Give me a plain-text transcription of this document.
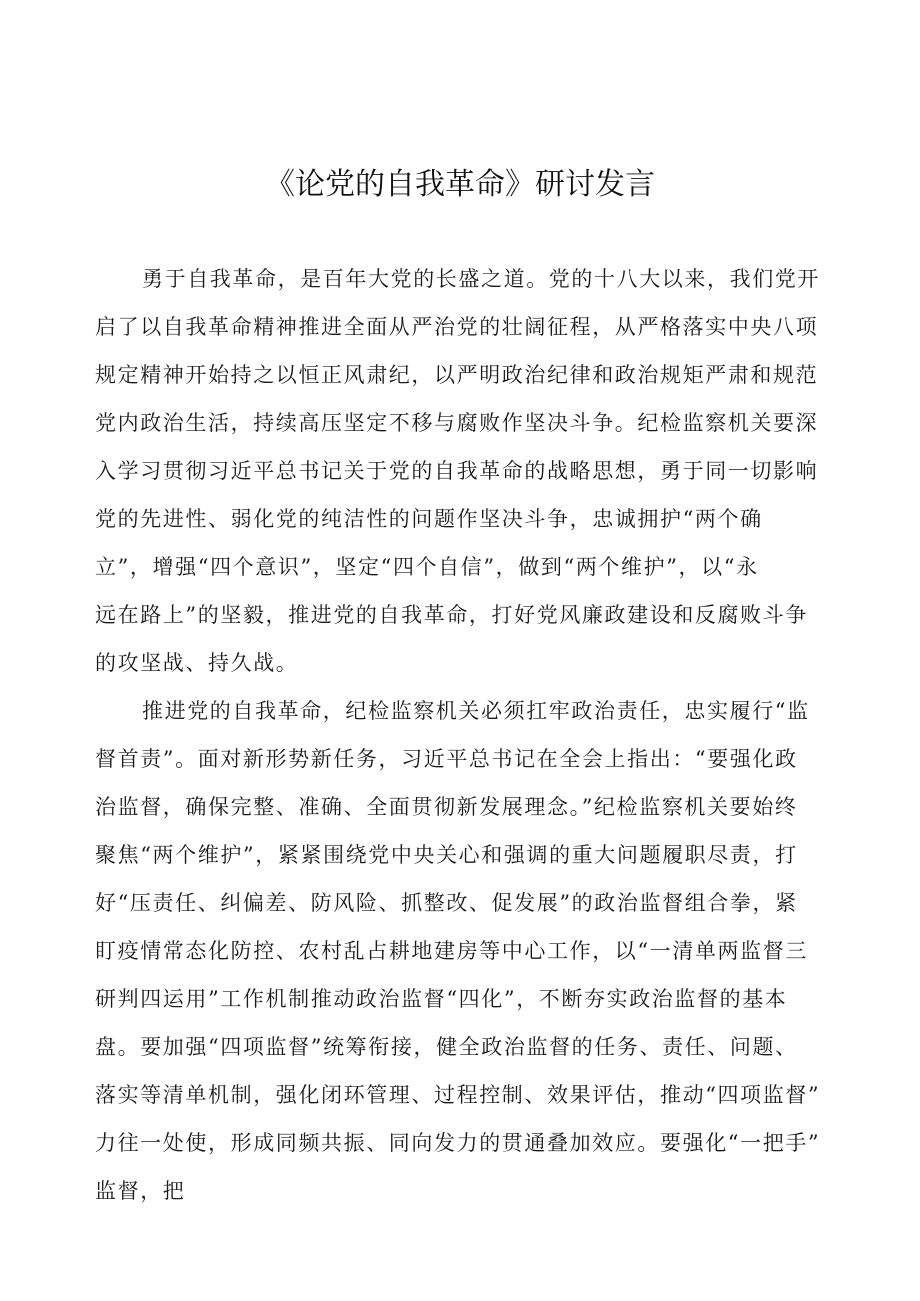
《论党的自我革命》研讨发言
勇于自我革命，是百年大党的长盛之道。党的十八大以来，我们党开
启了以自我革命精神推进全面从严治党的壮阔征程，从严格落实中央八项
规定精神开始持之以恒正风肃纪，以严明政治纪律和政治规矩严肃和规范
党内政治生活，持续高压坚定不移与腐败作坚决斗争。纪检监察机关要深
入学习贯彻习近平总书记关于党的自我革命的战略思想，勇于同一切影响
党的先进性、弱化党的纯洁性的问题作坚决斗争，忠诚拥护“两个确
立”，增强“四个意识”，坚定“四个自信”，做到“两个维护”，以“永
远在路上”的坚毅，推进党的自我革命，打好党风廉政建设和反腐败斗争
的攻坚战、持久战。
推进党的自我革命，纪检监察机关必须扛牢政治责任，忠实履行“监
督首责”。面对新形势新任务，习近平总书记在全会上指出：“要强化政
治监督，确保完整、准确、全面贯彻新发展理念。”纪检监察机关要始终
聚焦“两个维护”，紧紧围绕党中央关心和强调的重大问题履职尽责，打
好“压责任、纠偏差、防风险、抓整改、促发展”的政治监督组合拳，紧
盯疫情常态化防控、农村乱占耕地建房等中心工作，以“一清单两监督三
研判四运用”工作机制推动政治监督“四化”，不断夯实政治监督的基本
盘。要加强“四项监督”统筹衔接，健全政治监督的任务、责任、问题、
落实等清单机制，强化闭环管理、过程控制、效果评估，推动“四项监督”
力往一处使，形成同频共振、同向发力的贯通叠加效应。要强化“一把手”
监督，把
